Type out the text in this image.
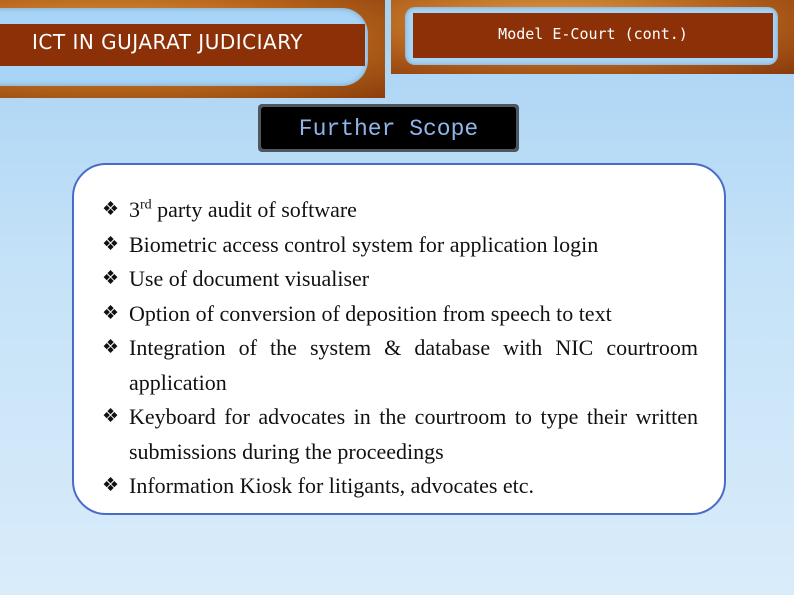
ICT IN GUJARAT JUDICIARY	Model E-Court (cont.)
Further Scope
❖ 3rd party audit of software
❖ Biometric access control system for application login
❖ Use of document visualiser
❖ Option of conversion of deposition from speech to text
❖ Integration of the system & database with NIC courtroom application
❖ Keyboard for advocates in the courtroom to type their written submissions during the proceedings
❖ Information Kiosk for litigants, advocates etc.
